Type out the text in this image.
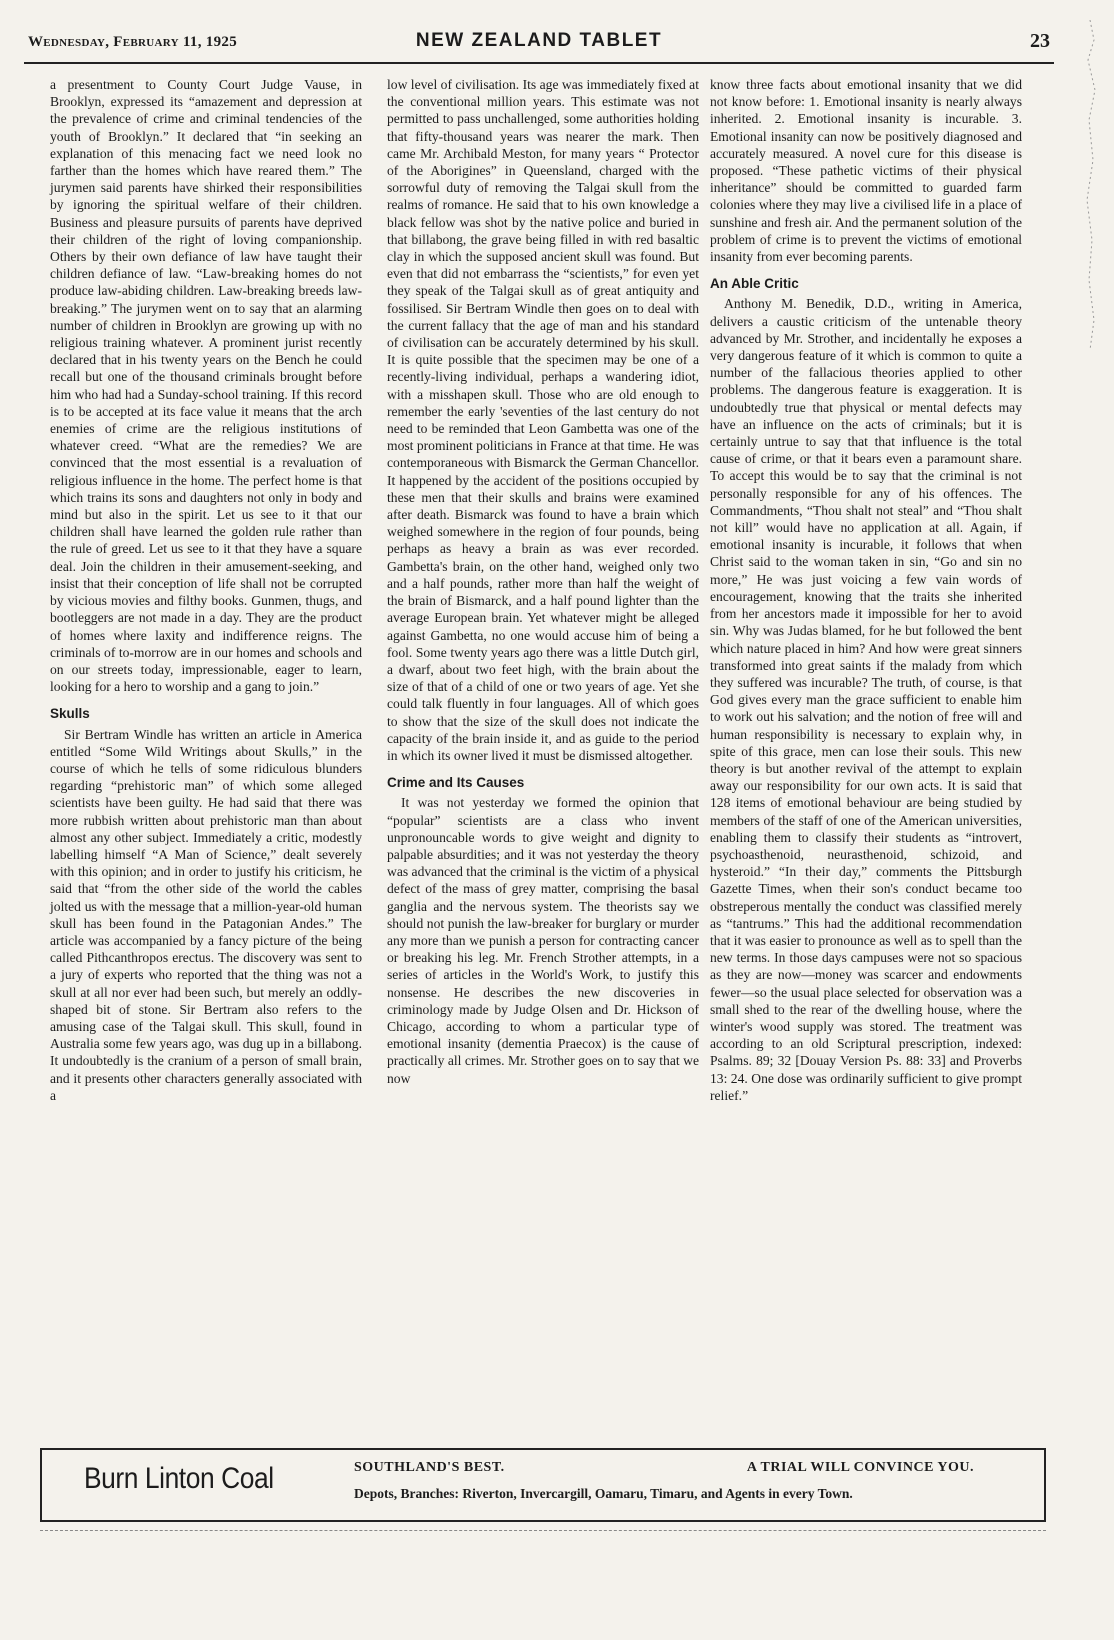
Wednesday, February 11, 1925	NEW ZEALAND TABLET	23

a presentment to County Court Judge Vause, in Brooklyn, expressed its “amazement and depression at the prevalence of crime and criminal tendencies of the youth of Brooklyn.” It declared that “in seeking an explanation of this menacing fact we need look no farther than the homes which have reared them.” The jurymen said parents have shirked their responsibilities by ignoring the spiritual welfare of their children. Business and pleasure pursuits of parents have deprived their children of the right of loving companionship. Others by their own defiance of law have taught their children defiance of law. “Law-breaking homes do not produce law-abiding children. Law-breaking breeds law-breaking.” The jurymen went on to say that an alarming number of children in Brooklyn are growing up with no religious training whatever. A prominent jurist recently declared that in his twenty years on the Bench he could recall but one of the thousand criminals brought before him who had had a Sunday-school training. If this record is to be accepted at its face value it means that the arch enemies of crime are the religious institutions of whatever creed. “What are the remedies? We are convinced that the most essential is a revaluation of religious influence in the home. The perfect home is that which trains its sons and daughters not only in body and mind but also in the spirit. Let us see to it that our children shall have learned the golden rule rather than the rule of greed. Let us see to it that they have a square deal. Join the children in their amusement-seeking, and insist that their conception of life shall not be corrupted by vicious movies and filthy books. Gunmen, thugs, and bootleggers are not made in a day. They are the product of homes where laxity and indifference reigns. The criminals of to-morrow are in our homes and schools and on our streets today, impressionable, eager to learn, looking for a hero to worship and a gang to join.”

Skulls

Sir Bertram Windle has written an article in America entitled “Some Wild Writings about Skulls,” in the course of which he tells of some ridiculous blunders regarding “prehistoric man” of which some alleged scientists have been guilty. He had said that there was more rubbish written about prehistoric man than about almost any other subject. Immediately a critic, modestly labelling himself “A Man of Science,” dealt severely with this opinion; and in order to justify his criticism, he said that “from the other side of the world the cables jolted us with the message that a million-year-old human skull has been found in the Patagonian Andes.” The article was accompanied by a fancy picture of the being called Pithcanthropos erectus. The discovery was sent to a jury of experts who reported that the thing was not a skull at all nor ever had been such, but merely an oddly-shaped bit of stone. Sir Bertram also refers to the amusing case of the Talgai skull. This skull, found in Australia some few years ago, was dug up in a billabong. It undoubtedly is the cranium of a person of small brain, and it presents other characters generally associated with a

low level of civilisation. Its age was immediately fixed at the conventional million years. This estimate was not permitted to pass unchallenged, some authorities holding that fifty-thousand years was nearer the mark. Then came Mr. Archibald Meston, for many years “ Protector of the Aborigines” in Queensland, charged with the sorrowful duty of removing the Talgai skull from the realms of romance. He said that to his own knowledge a black fellow was shot by the native police and buried in that billabong, the grave being filled in with red basaltic clay in which the supposed ancient skull was found. But even that did not embarrass the “scientists,” for even yet they speak of the Talgai skull as of great antiquity and fossilised. Sir Bertram Windle then goes on to deal with the current fallacy that the age of man and his standard of civilisation can be accurately determined by his skull. It is quite possible that the specimen may be one of a recently-living individual, perhaps a wandering idiot, with a misshapen skull. Those who are old enough to remember the early 'seventies of the last century do not need to be reminded that Leon Gambetta was one of the most prominent politicians in France at that time. He was contemporaneous with Bismarck the German Chancellor. It happened by the accident of the positions occupied by these men that their skulls and brains were examined after death. Bismarck was found to have a brain which weighed somewhere in the region of four pounds, being perhaps as heavy a brain as was ever recorded. Gambetta's brain, on the other hand, weighed only two and a half pounds, rather more than half the weight of the brain of Bismarck, and a half pound lighter than the average European brain. Yet whatever might be alleged against Gambetta, no one would accuse him of being a fool. Some twenty years ago there was a little Dutch girl, a dwarf, about two feet high, with the brain about the size of that of a child of one or two years of age. Yet she could talk fluently in four languages. All of which goes to show that the size of the skull does not indicate the capacity of the brain inside it, and as guide to the period in which its owner lived it must be dismissed altogether.

Crime and Its Causes

It was not yesterday we formed the opinion that “popular” scientists are a class who invent unpronouncable words to give weight and dignity to palpable absurdities; and it was not yesterday the theory was advanced that the criminal is the victim of a physical defect of the mass of grey matter, comprising the basal ganglia and the nervous system. The theorists say we should not punish the law-breaker for burglary or murder any more than we punish a person for contracting cancer or breaking his leg. Mr. French Strother attempts, in a series of articles in the World's Work, to justify this nonsense. He describes the new discoveries in criminology made by Judge Olsen and Dr. Hickson of Chicago, according to whom a particular type of emotional insanity (dementia Praecox) is the cause of practically all crimes. Mr. Strother goes on to say that we now

know three facts about emotional insanity that we did not know before: 1. Emotional insanity is nearly always inherited. 2. Emotional insanity is incurable. 3. Emotional insanity can now be positively diagnosed and accurately measured. A novel cure for this disease is proposed. “These pathetic victims of their physical inheritance” should be committed to guarded farm colonies where they may live a civilised life in a place of sunshine and fresh air. And the permanent solution of the problem of crime is to prevent the victims of emotional insanity from ever becoming parents.

An Able Critic

Anthony M. Benedik, D.D., writing in America, delivers a caustic criticism of the untenable theory advanced by Mr. Strother, and incidentally he exposes a very dangerous feature of it which is common to quite a number of the fallacious theories applied to other problems. The dangerous feature is exaggeration. It is undoubtedly true that physical or mental defects may have an influence on the acts of criminals; but it is certainly untrue to say that that influence is the total cause of crime, or that it bears even a paramount share. To accept this would be to say that the criminal is not personally responsible for any of his offences. The Commandments, “Thou shalt not steal” and “Thou shalt not kill” would have no application at all. Again, if emotional insanity is incurable, it follows that when Christ said to the woman taken in sin, “Go and sin no more,” He was just voicing a few vain words of encouragement, knowing that the traits she inherited from her ancestors made it impossible for her to avoid sin. Why was Judas blamed, for he but followed the bent which nature placed in him? And how were great sinners transformed into great saints if the malady from which they suffered was incurable? The truth, of course, is that God gives every man the grace sufficient to enable him to work out his salvation; and the notion of free will and human responsibility is necessary to explain why, in spite of this grace, men can lose their souls. This new theory is but another revival of the attempt to explain away our responsibility for our own acts. It is said that 128 items of emotional behaviour are being studied by members of the staff of one of the American universities, enabling them to classify their students as “introvert, psychoasthenoid, neurasthenoid, schizoid, and hysteroid.” “In their day,” comments the Pittsburgh Gazette Times, when their son's conduct became too obstreperous mentally the conduct was classified merely as “tantrums.” This had the additional recommendation that it was easier to pronounce as well as to spell than the new terms. In those days campuses were not so spacious as they are now—money was scarcer and endowments fewer—so the usual place selected for observation was a small shed to the rear of the dwelling house, where the winter's wood supply was stored. The treatment was according to an old Scriptural prescription, indexed: Psalms. 89; 32 [Douay Version Ps. 88: 33] and Proverbs 13: 24. One dose was ordinarily sufficient to give prompt relief.”

Burn Linton Coal	SOUTHLAND'S BEST.	A TRIAL WILL CONVINCE YOU.
Depots, Branches: Riverton, Invercargill, Oamaru, Timaru, and Agents in every Town.
